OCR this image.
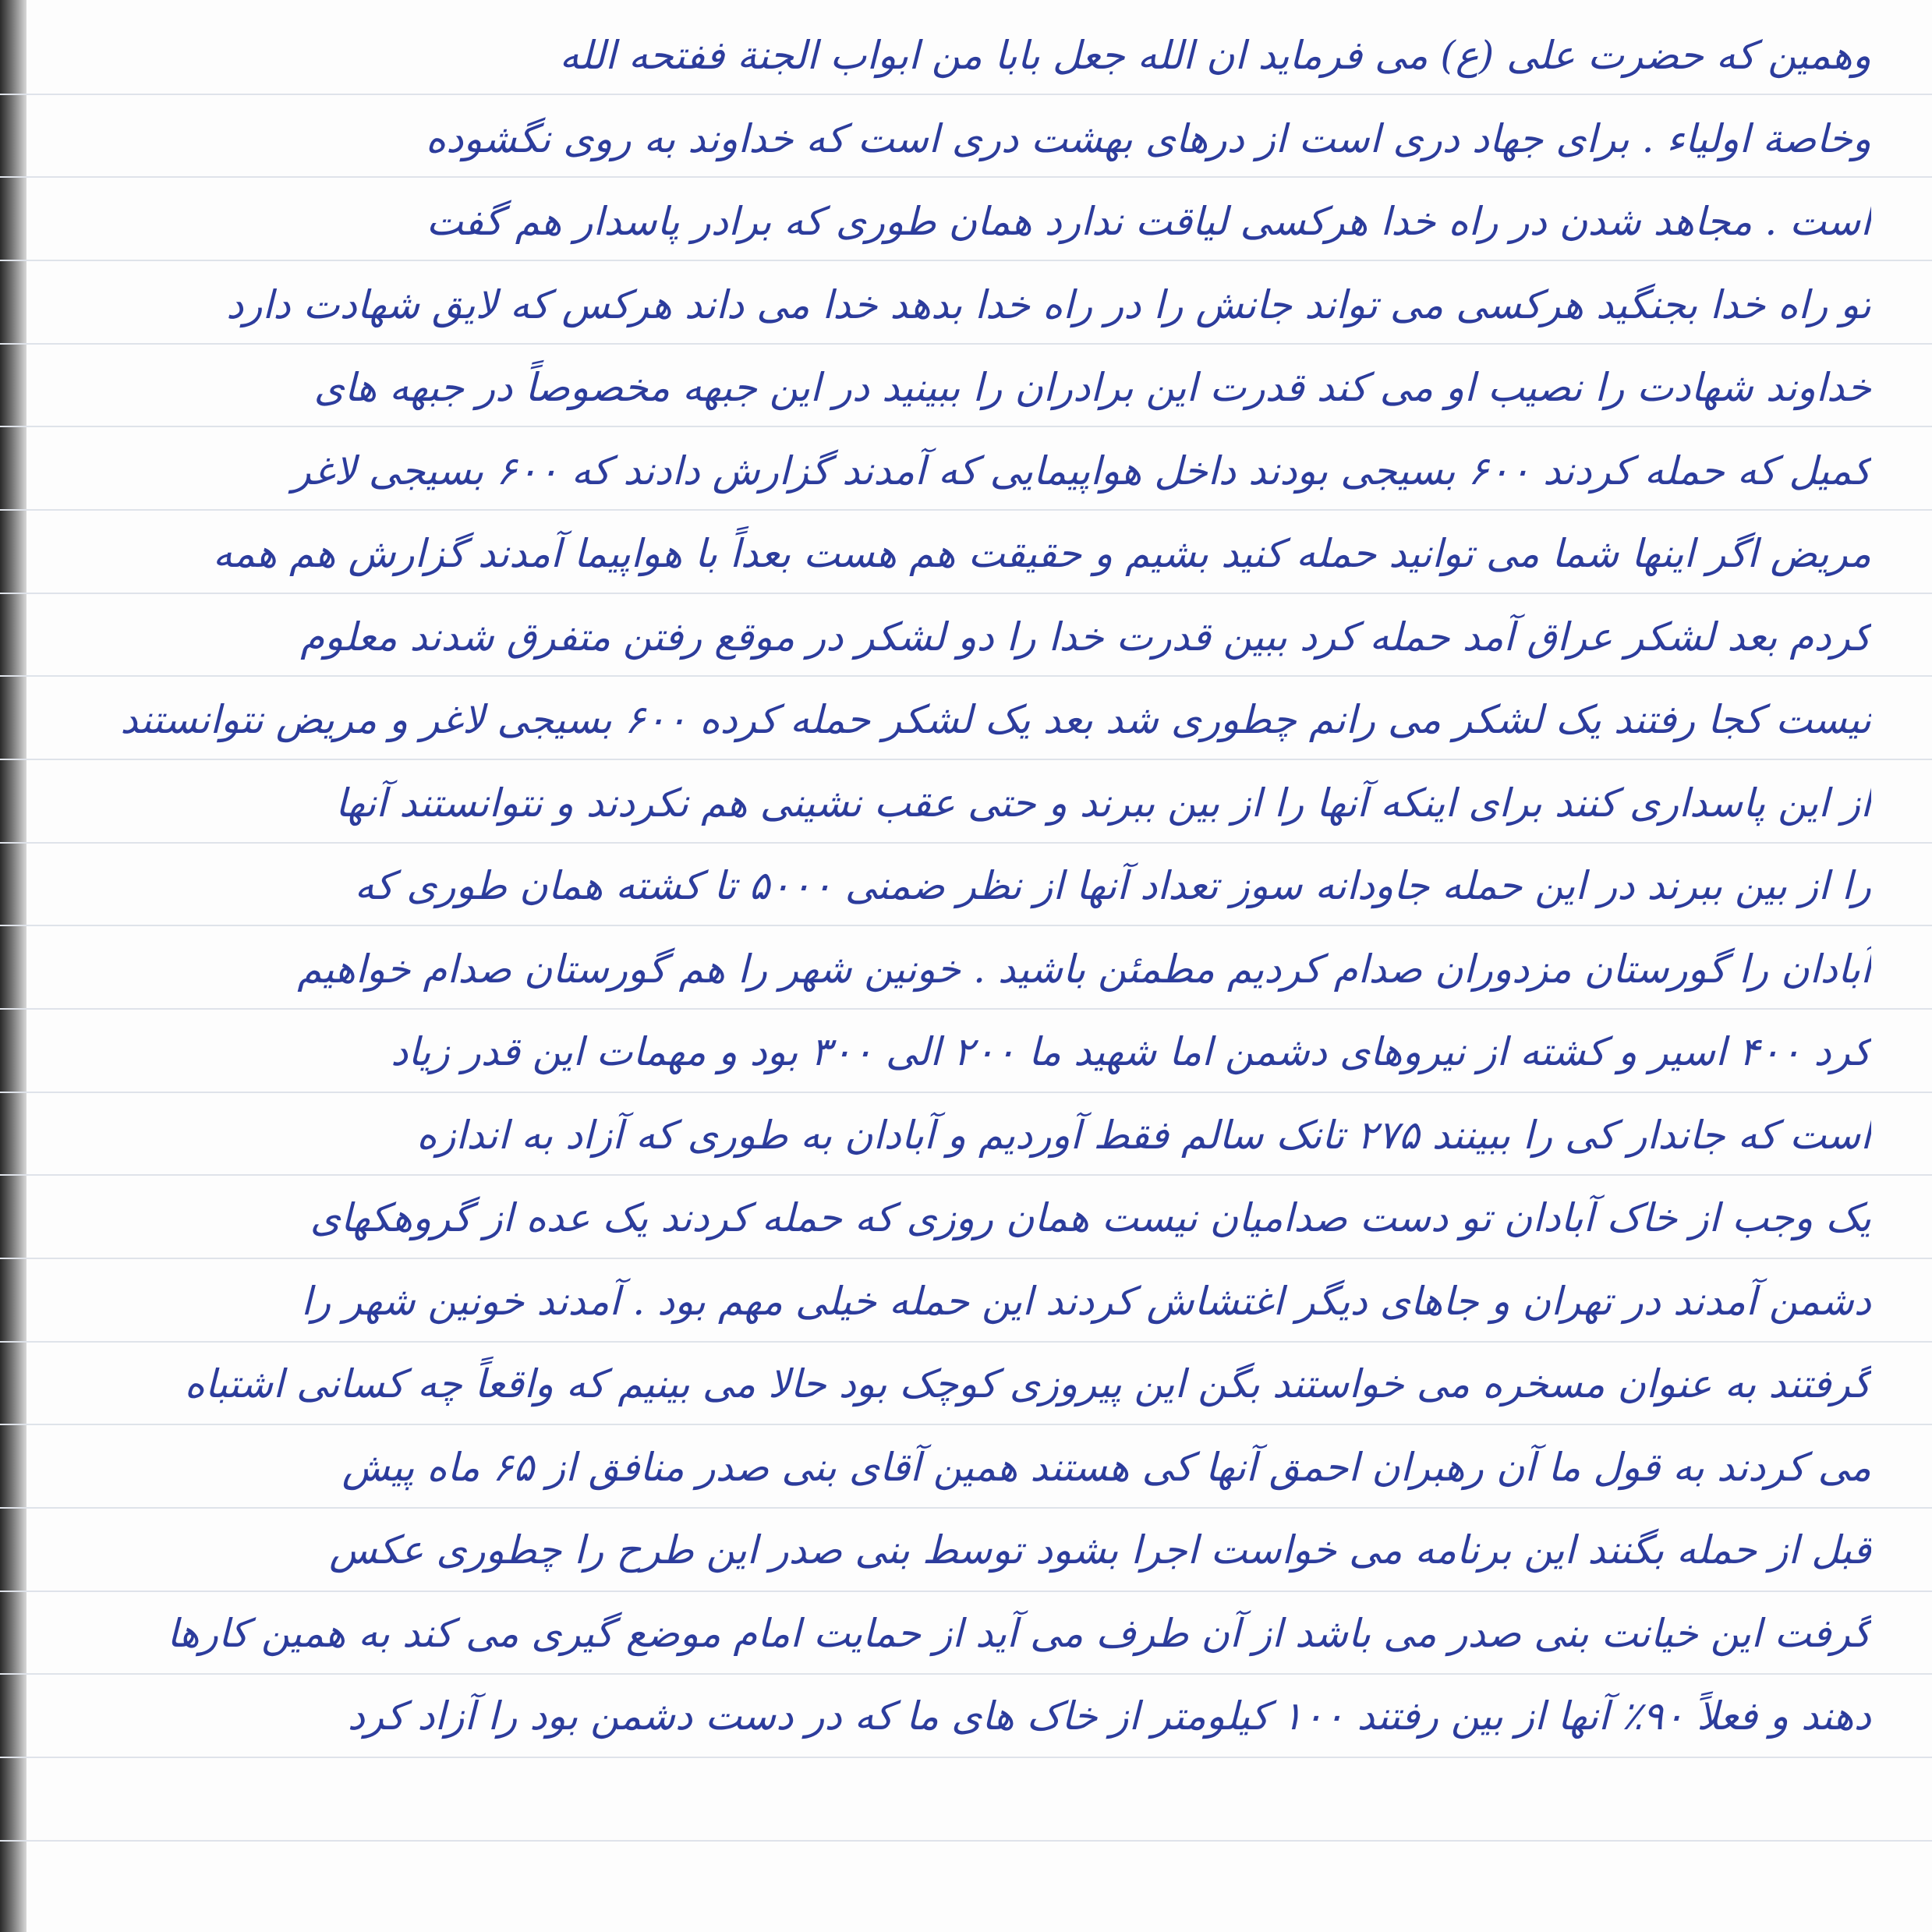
وهمین که حضرت علی (ع) می فرماید ان الله جعل بابا من ابواب الجنة ففتحه الله
وخاصة اولیاء . برای جهاد دری است از درهای بهشت دری است که خداوند به روی نگشوده
است . مجاهد شدن در راه خدا هرکسی لیاقت ندارد همان طوری که برادر پاسدار هم گفت
تو راه خدا بجنگید هرکسی می تواند جانش را در راه خدا بدهد خدا می داند هرکس که لایق شهادت دارد
خداوند شهادت را نصیب او می کند قدرت این برادران را ببینید در این جبهه مخصوصاً در جبهه های
کمیل که حمله کردند ۶۰۰ بسیجی بودند داخل هواپیمایی که آمدند گزارش دادند که ۶۰۰ بسیجی لاغر
مریض اگر اینها شما می توانید حمله کنید بشیم و حقیقت هم هست بعداً با هواپیما آمدند گزارش هم همه
کردم بعد لشکر عراق آمد حمله کرد ببین قدرت خدا را دو لشکر در موقع رفتن متفرق شدند معلوم
نیست کجا رفتند یک لشکر می رانم چطوری شد بعد یک لشکر حمله کرده ۶۰۰ بسیجی لاغر و مریض نتوانستند
از این پاسداری کنند برای اینکه آنها را از بین ببرند و حتی عقب نشینی هم نکردند و نتوانستند آنها
را از بین ببرند در این حمله جاودانه سوز تعداد آنها از نظر ضمنی ۵۰۰۰ تا کشته همان طوری که
آبادان را گورستان مزدوران صدام کردیم مطمئن باشید . خونین شهر را هم گورستان صدام خواهیم
کرد ۴۰۰ اسیر و کشته از نیروهای دشمن اما شهید ما ۲۰۰ الی ۳۰۰ بود و مهمات این قدر زیاد
است که جاندار کی را ببینند ۲۷۵ تانک سالم فقط آوردیم و آبادان به طوری که آزاد به اندازه
یک وجب از خاک آبادان تو دست صداميان نیست همان روزی که حمله کردند یک عده از گروهکهای
دشمن آمدند در تهران و جاهای دیگر اغتشاش کردند این حمله خیلی مهم بود . آمدند خونین شهر را
گرفتند به عنوان مسخره می خواستند بگن این پیروزی کوچک بود حالا می بینیم که واقعاً چه کسانی اشتباه
می کردند به قول ما آن رهبران احمق آنها کی هستند همین آقای بنی صدر منافق از ۶۵ ماه پیش
قبل از حمله بگنند این برنامه می خواست اجرا بشود توسط بنی صدر این طرح را چطوری عکس
گرفت این خیانت بنی صدر می باشد از آن طرف می آید از حمایت امام موضع گیری می کند به همین کارها
دهند و فعلاً ۹۰٪ آنها از بین رفتند ۱۰۰ کیلومتر از خاک های ما که در دست دشمن بود را آزاد کرد
